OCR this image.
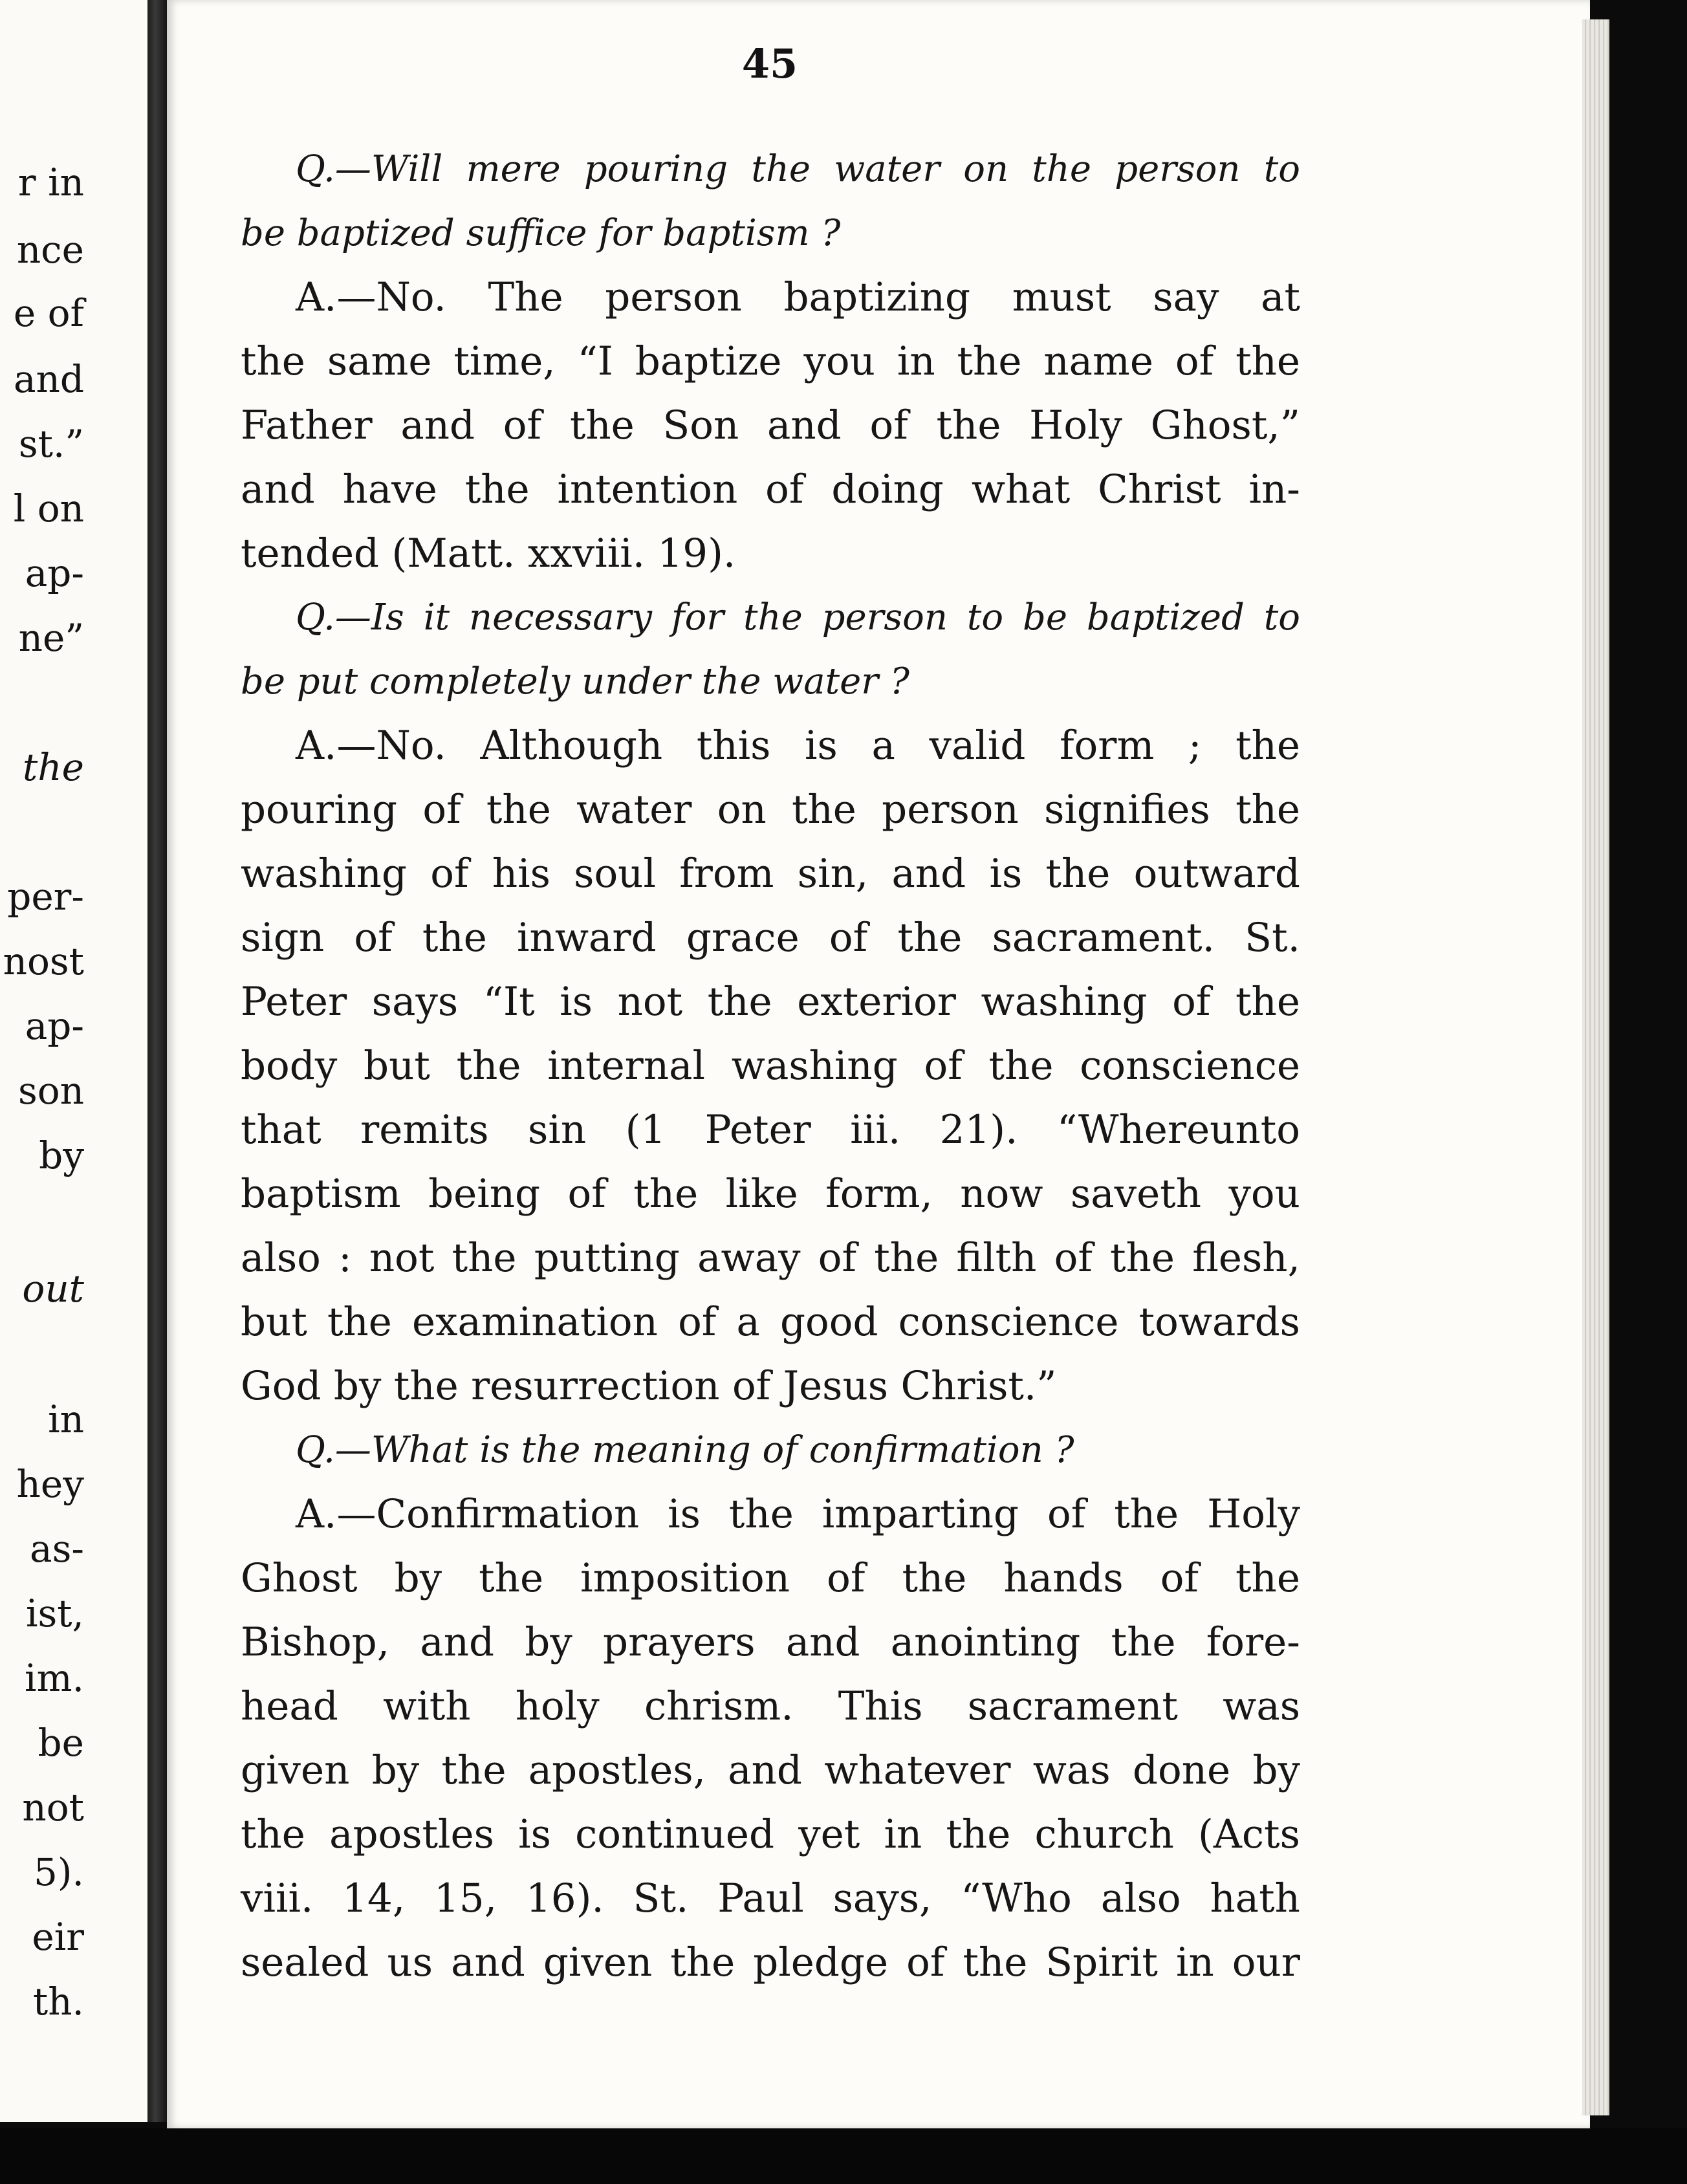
r in
nce
e of
and
st.”
l on
ap-
ne”
the
per-
nost
ap-
son
by
out
in
hey
as-
ist,
im.
be
not
5).
eir
th.
45
Q.—Will mere pouring the water on the person to
be baptized suffice for baptism ?
A.—No. The person baptizing must say at
the same time, “I baptize you in the name of the
Father and of the Son and of the Holy Ghost,”
and have the intention of doing what Christ in-
tended (Matt. xxviii. 19).
Q.—Is it necessary for the person to be baptized to
be put completely under the water ?
A.—No. Although this is a valid form ; the
pouring of the water on the person signifies the
washing of his soul from sin, and is the outward
sign of the inward grace of the sacrament. St.
Peter says “It is not the exterior washing of the
body but the internal washing of the conscience
that remits sin (1 Peter iii. 21). “Whereunto
baptism being of the like form, now saveth you
also : not the putting away of the filth of the flesh,
but the examination of a good conscience towards
God by the resurrection of Jesus Christ.”
Q.—What is the meaning of confirmation ?
A.—Confirmation is the imparting of the Holy
Ghost by the imposition of the hands of the
Bishop, and by prayers and anointing the fore-
head with holy chrism. This sacrament was
given by the apostles, and whatever was done by
the apostles is continued yet in the church (Acts
viii. 14, 15, 16). St. Paul says, “Who also hath
sealed us and given the pledge of the Spirit in our
